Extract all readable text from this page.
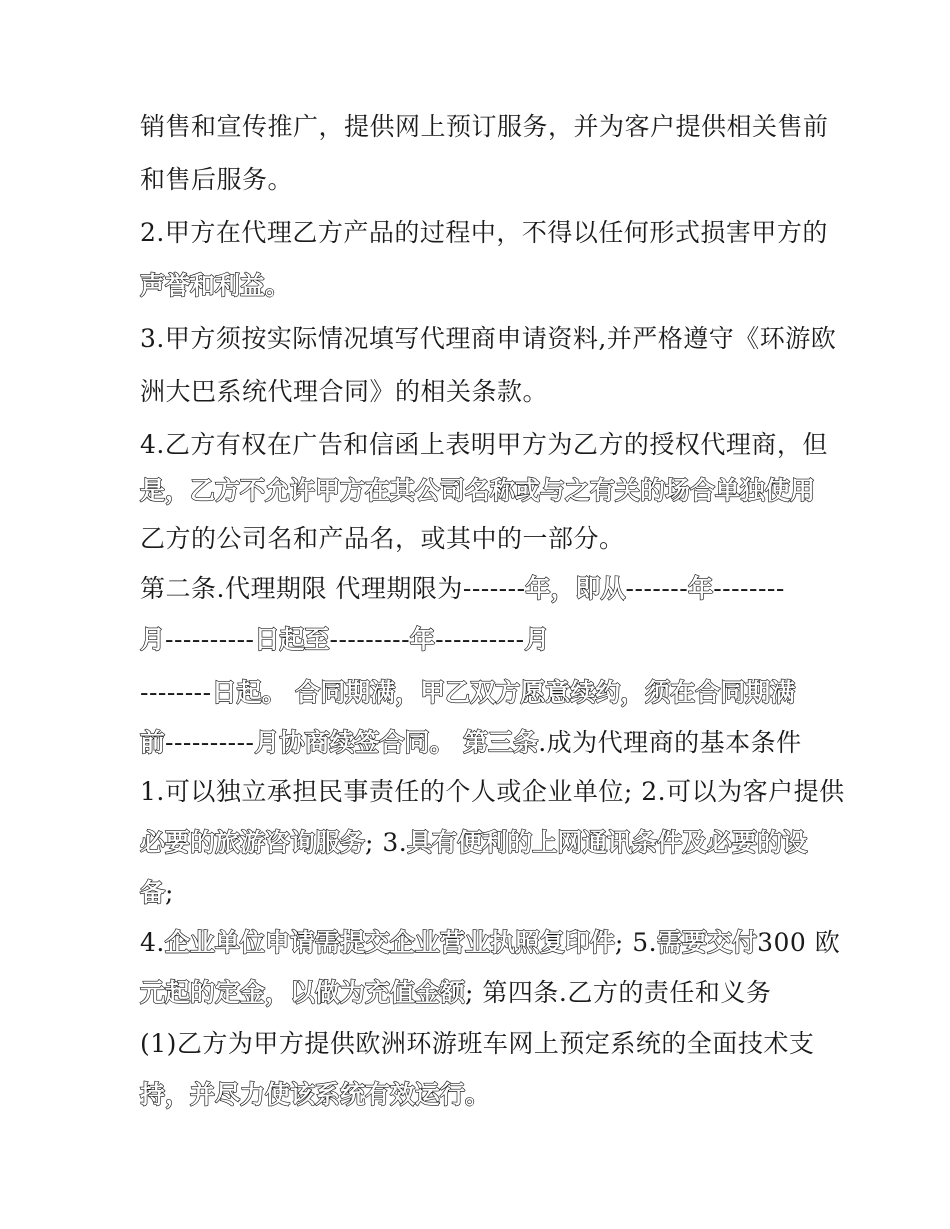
销售和宣传推广，提供网上预订服务，并为客户提供相关售前
和售后服务。
2.甲方在代理乙方产品的过程中，不得以任何形式损害甲方的
声誉和利益。
3.甲方须按实际情况填写代理商申请资料,并严格遵守《环游欧
洲大巴系统代理合同》的相关条款。
4.乙方有权在广告和信函上表明甲方为乙方的授权代理商，但
是，乙方不允许甲方在其公司名称或与之有关的场合单独使用
乙方的公司名和产品名，或其中的一部分。
第二条.代理期限 代理期限为-------年，即从-------年--------
月----------日起至---------年----------月
--------日起。 合同期满，甲乙双方愿意续约，须在合同期满
前----------月协商续签合同。 第三条.成为代理商的基本条件
1.可以独立承担民事责任的个人或企业单位; 2.可以为客户提供
必要的旅游咨询服务; 3.具有便利的上网通讯条件及必要的设
备;
4.企业单位申请需提交企业营业执照复印件; 5.需要交付300 欧
元起的定金，以做为充值金额; 第四条.乙方的责任和义务
(1)乙方为甲方提供欧洲环游班车网上预定系统的全面技术支
持，并尽力使该系统有效运行。
